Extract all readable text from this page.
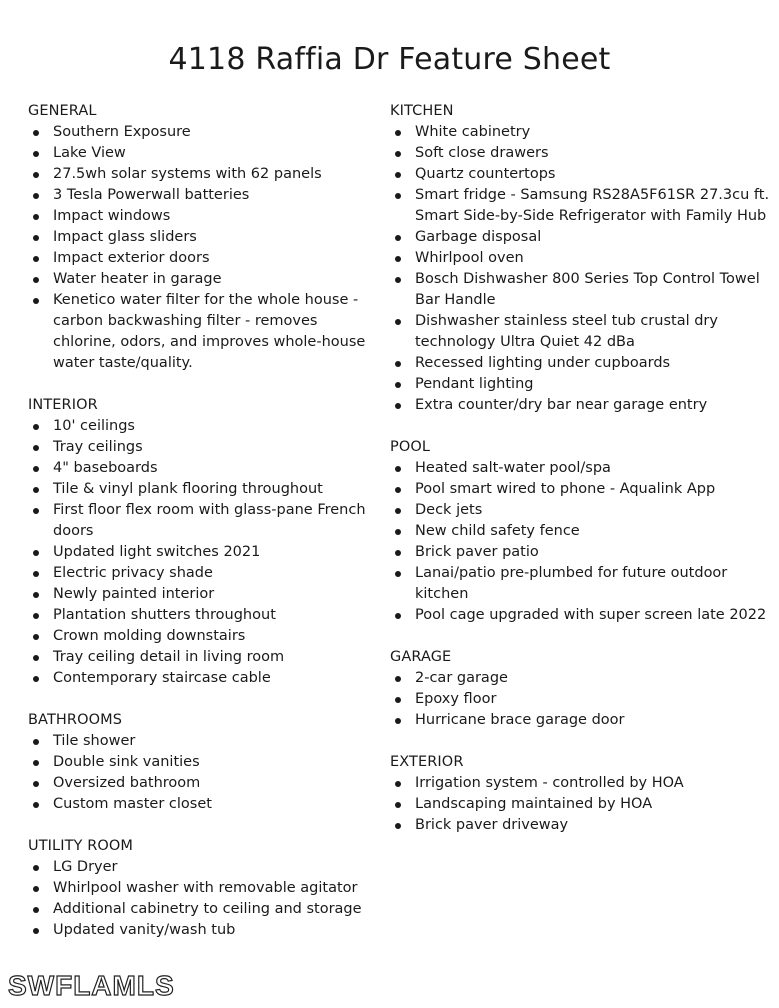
4118 Raffia Dr Feature Sheet
GENERAL
Southern Exposure
Lake View
27.5wh solar systems with 62 panels
3 Tesla Powerwall batteries
Impact windows
Impact glass sliders
Impact exterior doors
Water heater in garage
Kenetico water filter for the whole house - carbon backwashing filter - removes chlorine, odors, and improves whole-house water taste/quality.
INTERIOR
10' ceilings
Tray ceilings
4" baseboards
Tile & vinyl plank flooring throughout
First floor flex room with glass-pane French doors
Updated light switches 2021
Electric privacy shade
Newly painted interior
Plantation shutters throughout
Crown molding downstairs
Tray ceiling detail in living room
Contemporary staircase cable
BATHROOMS
Tile shower
Double sink vanities
Oversized bathroom
Custom master closet
UTILITY ROOM
LG Dryer
Whirlpool washer with removable agitator
Additional cabinetry to ceiling and storage
Updated vanity/wash tub
KITCHEN
White cabinetry
Soft close drawers
Quartz countertops
Smart fridge - Samsung RS28A5F61SR 27.3cu ft. Smart Side-by-Side Refrigerator with Family Hub
Garbage disposal
Whirlpool oven
Bosch Dishwasher 800 Series Top Control Towel Bar Handle
Dishwasher stainless steel tub crustal dry technology Ultra Quiet 42 dBa
Recessed lighting under cupboards
Pendant lighting
Extra counter/dry bar near garage entry
POOL
Heated salt-water pool/spa
Pool smart wired to phone - Aqualink App
Deck jets
New child safety fence
Brick paver patio
Lanai/patio pre-plumbed for future outdoor kitchen
Pool cage upgraded with super screen late 2022
GARAGE
2-car garage
Epoxy floor
Hurricane brace garage door
EXTERIOR
Irrigation system - controlled by HOA
Landscaping maintained by HOA
Brick paver driveway
SWFLAMLS
